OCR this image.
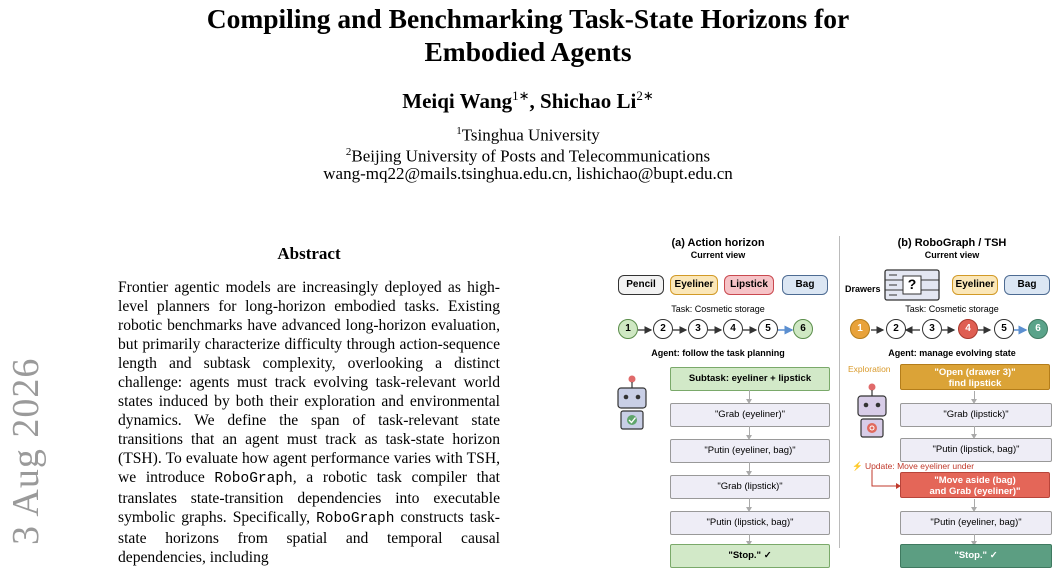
Compiling and Benchmarking Task-State Horizons for
Embodied Agents
Meiqi Wang$^{1∗}$, Shichao $Li^{2∗}$
$^1$Tsinghua University
$^2$Beijing University of Posts and Telecommunications
wang-mq22@mails.tsinghua.edu.cn, lishichao@bupt.edu.cn
3 Aug 2026
Abstract
Frontier agentic models are increasingly deployed as high-level planners for long-horizon embodied tasks. Existing robotic benchmarks have advanced long-horizon evaluation, but primarily characterize difficulty through action-sequence length and subtask complexity, overlooking a distinct challenge: agents must track evolving task-relevant world states induced by both their exploration and environmental dynamics. We define the span of task-relevant state transitions that an agent must track as task-state horizon (TSH). To evaluate how agent performance varies with TSH, we introduce RoboGraph, a robotic task compiler that translates state-transition dependencies into executable symbolic graphs. Specifically, RoboGraph constructs task-state horizons from spatial and temporal causal dependencies, including
(a) Action horizon
Current view
Pencil	Eyeliner	Lipstick	Bag
Task: Cosmetic storage
1	2	3	4	5	6
Agent: follow the task planning
Subtask: eyeliner + lipstick
"Grab (eyeliner)"
"Putin (eyeliner, bag)"
"Grab (lipstick)"
"Putin (lipstick, bag)"
"Stop." ✓
(b) RoboGraph / TSH
Current view
Drawers	?	Eyeliner	Bag
Task: Cosmetic storage
1	2	3	4	5	6
Agent: manage evolving state
Exploration	"Open (drawer 3)"
find lipstick
"Grab (lipstick)"
"Putin (lipstick, bag)"
⚡ Update: Move eyeliner under
"Move aside (bag)
and Grab (eyeliner)"
"Putin (eyeliner, bag)"
"Stop." ✓
